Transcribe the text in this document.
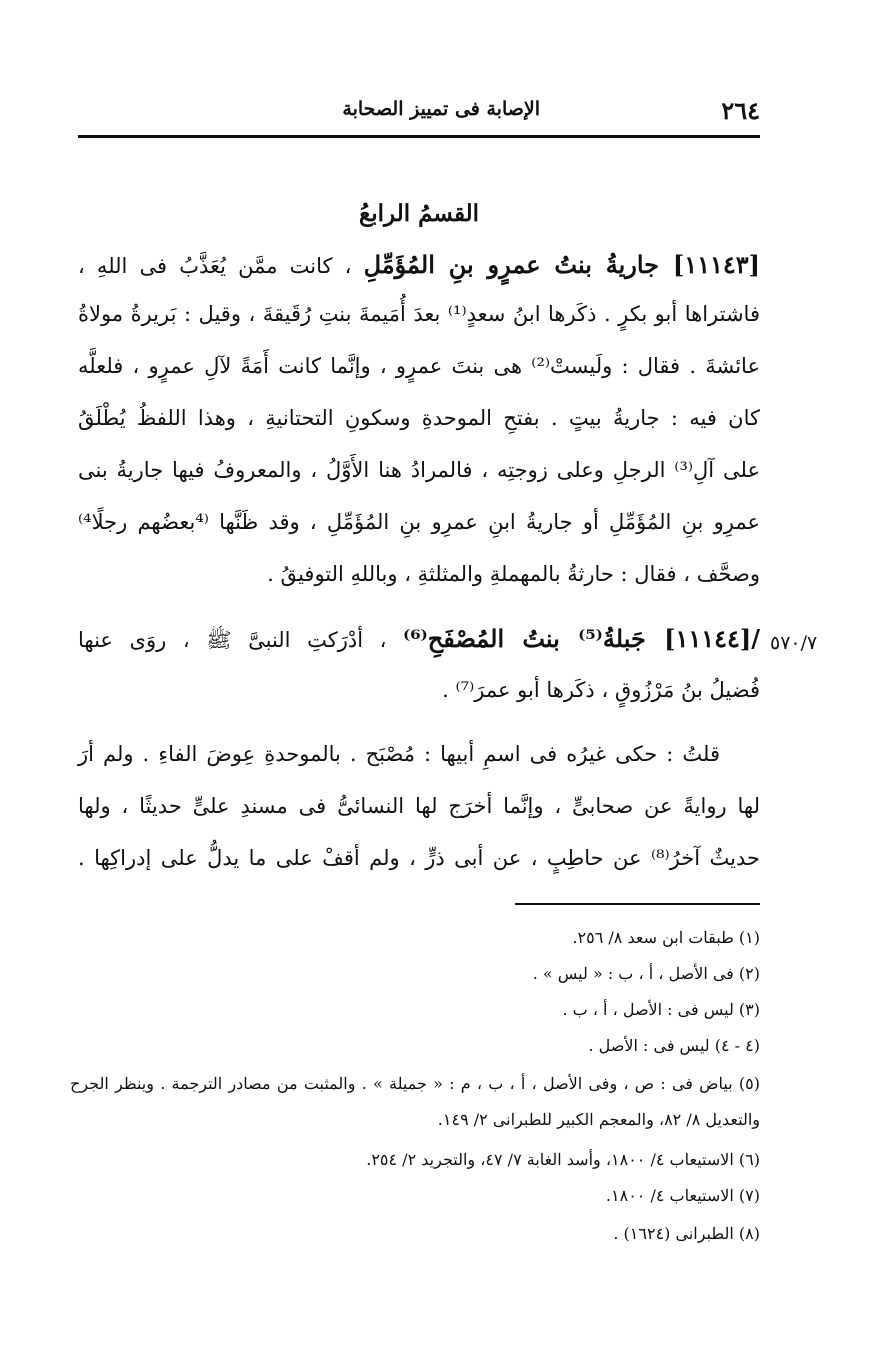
٢٦٤
الإصابة فى تمييز الصحابة
القسمُ الرابعُ
[١١١٤٣] جاريةُ بنتُ عمرٍو بنِ المُؤَمِّلِ ، كانت ممَّن يُعَذَّبُ فى اللهِ ،
فاشتراها أبو بكرٍ . ذكَرها ابنُ سعدٍ⁽¹⁾ بعدَ أُمَيمةَ بنتِ رُقَيقةَ ، وقيل : بَريرةُ مولاةُ
عائشةَ . فقال : ولَيستْ⁽²⁾ هى بنتَ عمرٍو ، وإنَّما كانت أَمَةً لآلِ عمرٍو ، فلعلَّه
كان فيه : جاريةُ بيتٍ . بفتحِ الموحدةِ وسكونِ التحتانيةِ ، وهذا اللفظُ يُطْلَقُ
على آلِ⁽³⁾ الرجلِ وعلى زوجتِه ، فالمرادُ هنا الأَوَّلُ ، والمعروفُ فيها جاريةُ بنى
عمرِو بنِ المُؤَمِّلِ أو جاريةُ ابنِ عمرِو بنِ المُؤَمِّلِ ، وقد ظَنَّها ⁽⁴بعضُهم رجلًا⁴⁾
وصحَّف ، فقال : حارثةُ بالمهملةِ والمثلثةِ ، وباللهِ التوفيقُ .
٥٧٠/٧
/[١١١٤٤] جَبلةُ⁽⁵⁾ بنتُ المُصْفَحِ⁽⁶⁾ ، أدْرَكتِ النبىَّ ﷺ ، روَى عنها
فُضيلُ بنُ مَرْزُوقٍ ، ذكَرها أبو عمرَ⁽⁷⁾ .
قلتُ : حكى غيرُه فى اسمِ أبيها : مُصْبَح . بالموحدةِ عِوضَ الفاءِ . ولم أرَ
لها روايةً عن صحابىٍّ ، وإنَّما أخرَج لها النسائىُّ فى مسندِ علىٍّ حديثًا ، ولها
حديثٌ آخرُ⁽⁸⁾ عن حاطِبٍ ، عن أبى ذرٍّ ، ولم أقفْ على ما يدلُّ على إدراكِها .
(١) طبقات ابن سعد ٨/ ٢٥٦.
(٢) فى الأصل ، أ ، ب : « ليس » .
(٣) ليس فى : الأصل ، أ ، ب .
(٤ - ٤) ليس فى : الأصل .
(٥) بياض فى : ص ، وفى الأصل ، أ ، ب ، م : « جميلة » . والمثبت من مصادر الترجمة . وينظر الجرح
والتعديل ٨/ ٨٢، والمعجم الكبير للطبرانى ٢/ ١٤٩.
(٦) الاستيعاب ٤/ ١٨٠٠، وأسد الغابة ٧/ ٤٧، والتجريد ٢/ ٢٥٤.
(٧) الاستيعاب ٤/ ١٨٠٠.
(٨) الطبرانى (١٦٢٤) .
